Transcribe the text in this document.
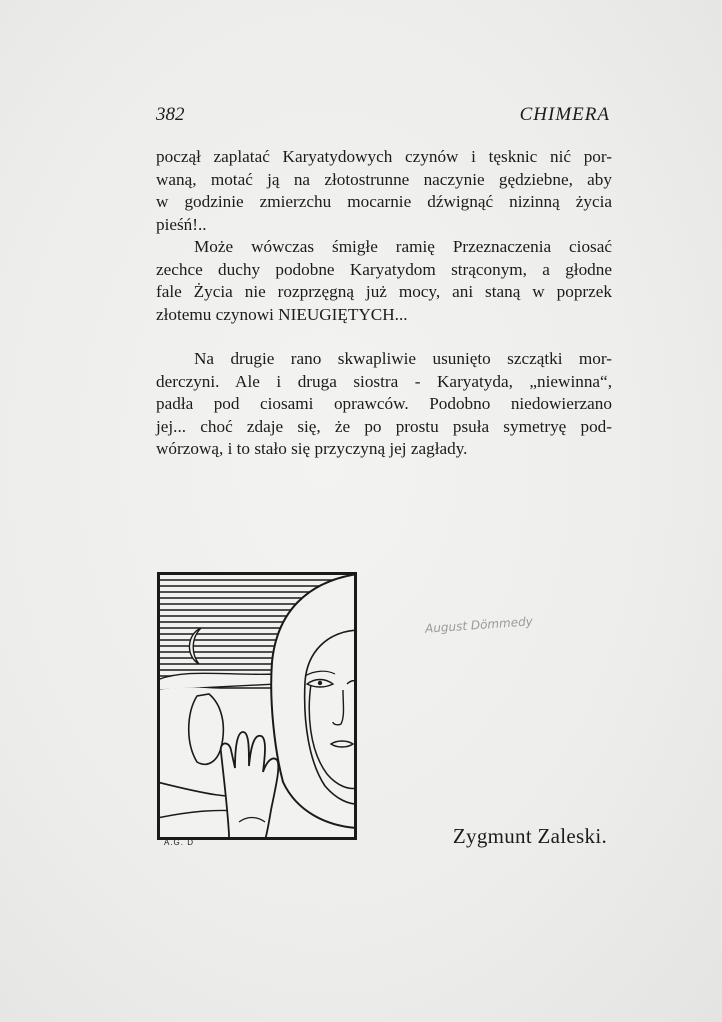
382	CHIMERA
począł zaplatać Karyatydowych czynów i tęsknic nić por-
waną, motać ją na złotostrunne naczynie gędziebne, aby
w godzinie zmierzchu mocarnie dźwignąć nizinną życia
pieśń!..
Może wówczas śmigłe ramię Przeznaczenia ciosać
zechce duchy podobne Karyatydom strąconym, a głodne
fale Życia nie rozprzęgną już mocy, ani staną w poprzek
złotemu czynowi NIEUGIĘTYCH...
Na drugie rano skwapliwie usunięto szczątki mor-
derczyni. Ale i druga siostra - Karyatyda, „niewinna“,
padła pod ciosami oprawców. Podobno niedowierzano
jej... choć zdaje się, że po prostu psuła symetryę pod-
wórzową, i to stało się przyczyną jej zagłady.
A.G. D
August Dömmedy
Zygmunt Zaleski.
